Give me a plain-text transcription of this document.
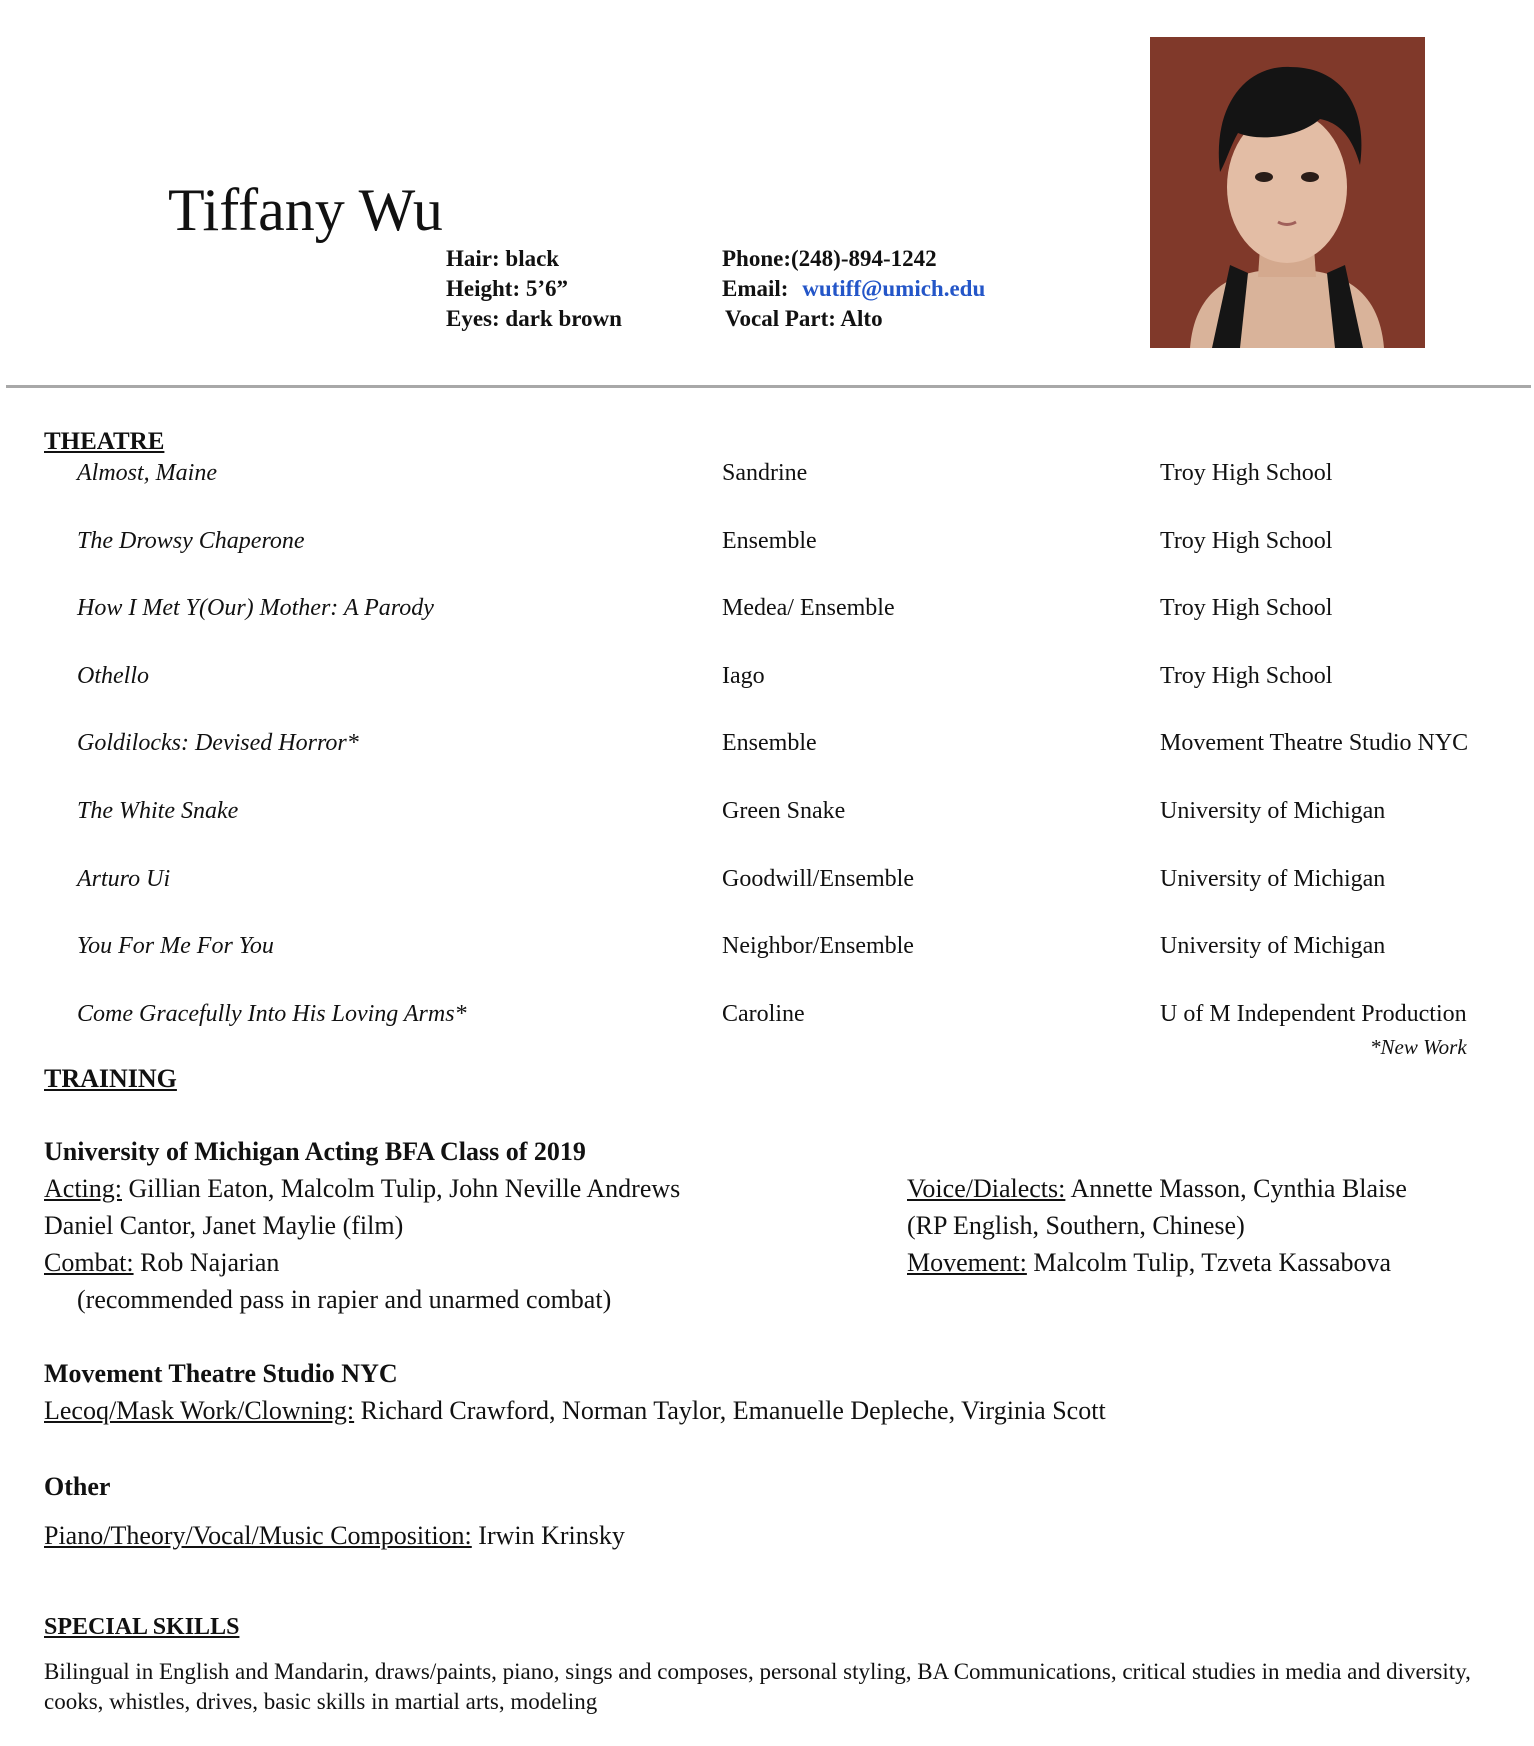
Tiffany Wu
Hair: black
Height: 5’6”
Eyes: dark brown
Phone:(248)-894-1242
Email: wutiff@umich.edu
Vocal Part: Alto
THEATRE
Almost, Maine	Sandrine	Troy High School
The Drowsy Chaperone	Ensemble	Troy High School
How I Met Y(Our) Mother: A Parody	Medea/ Ensemble	Troy High School
Othello	Iago	Troy High School
Goldilocks: Devised Horror*	Ensemble	Movement Theatre Studio NYC
The White Snake	Green Snake	University of Michigan
Arturo Ui	Goodwill/Ensemble	University of Michigan
You For Me For You	Neighbor/Ensemble	University of Michigan
Come Gracefully Into His Loving Arms*	Caroline	U of M Independent Production
*New Work
TRAINING
University of Michigan Acting BFA Class of 2019
Acting: Gillian Eaton, Malcolm Tulip, John Neville Andrews
Daniel Cantor, Janet Maylie (film)
Combat: Rob Najarian
(recommended pass in rapier and unarmed combat)
Voice/Dialects: Annette Masson, Cynthia Blaise
(RP English, Southern, Chinese)
Movement: Malcolm Tulip, Tzveta Kassabova
Movement Theatre Studio NYC
Lecoq/Mask Work/Clowning: Richard Crawford, Norman Taylor, Emanuelle Depleche, Virginia Scott
Other
Piano/Theory/Vocal/Music Composition: Irwin Krinsky
SPECIAL SKILLS
Bilingual in English and Mandarin, draws/paints, piano, sings and composes, personal styling, BA Communications, critical studies in media and diversity, cooks, whistles, drives, basic skills in martial arts, modeling
